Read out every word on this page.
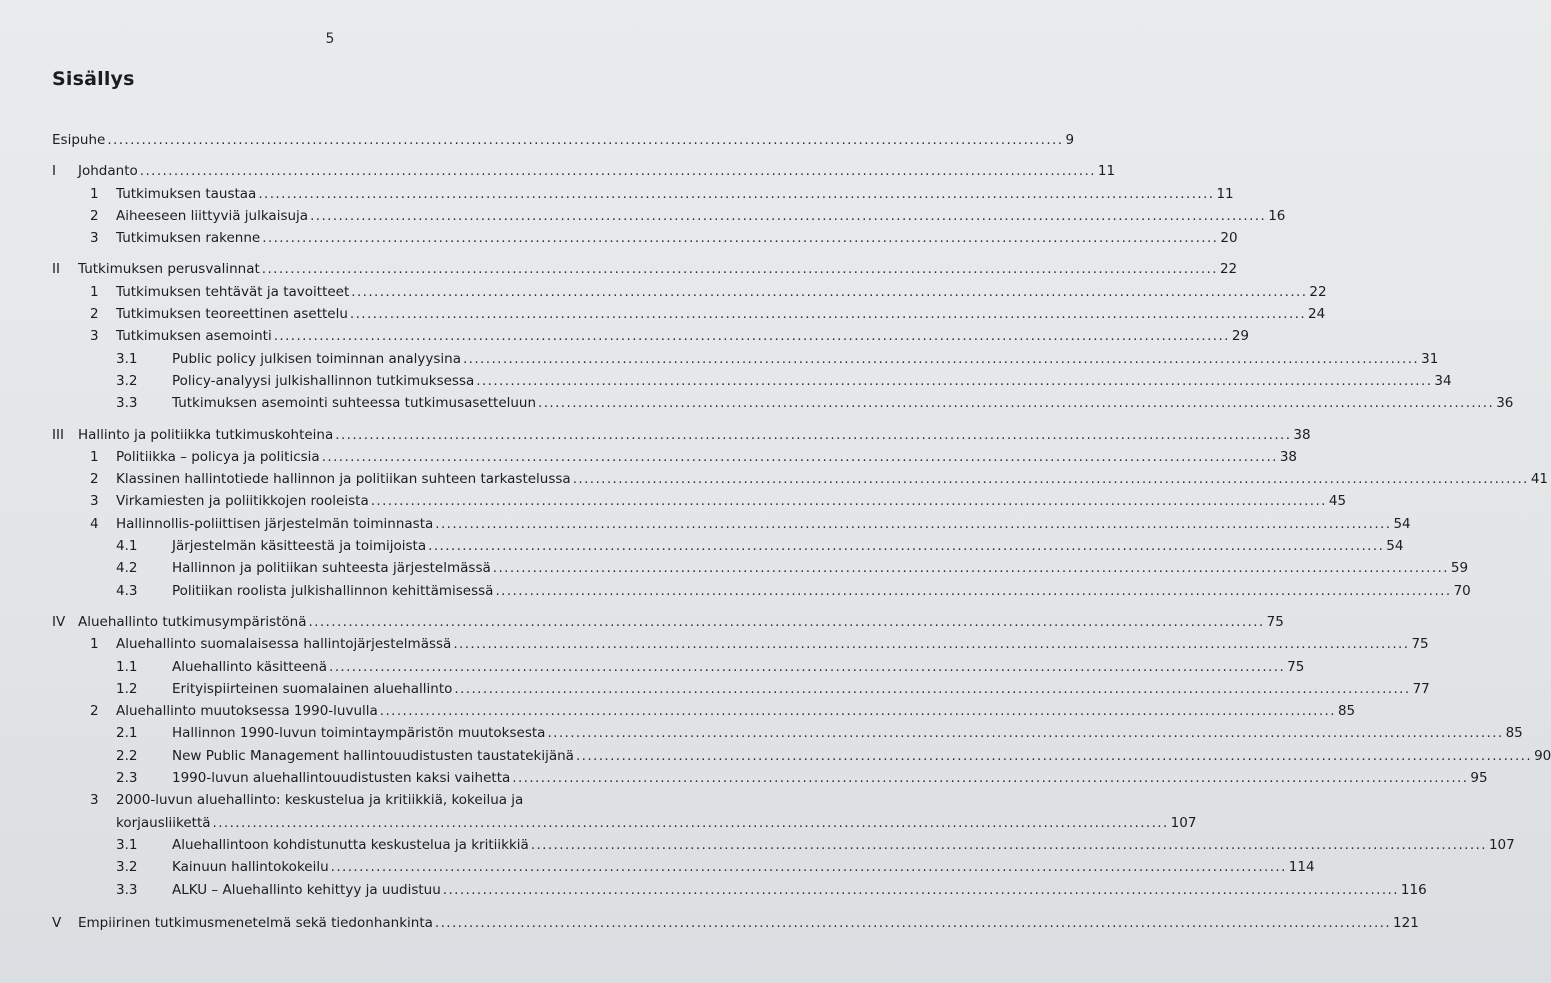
5
Sisällys
Esipuhe .....	9
I	Johdanto .....	11
1	Tutkimuksen taustaa .....	11
2	Aiheeseen liittyviä julkaisuja .....	16
3	Tutkimuksen rakenne .....	20
II	Tutkimuksen perusvalinnat .....	22
1	Tutkimuksen tehtävät ja tavoitteet .....	22
2	Tutkimuksen teoreettinen asettelu .....	24
3	Tutkimuksen asemointi .....	29
3.1	Public policy julkisen toiminnan analyysina .....	31
3.2	Policy-analyysi julkishallinnon tutkimuksessa .....	34
3.3	Tutkimuksen asemointi suhteessa tutkimusasetteluun .....	36
III	Hallinto ja politiikka tutkimuskohteina .....	38
1	Politiikka – policya ja politicsia .....	38
2	Klassinen hallintotiede hallinnon ja politiikan suhteen tarkastelussa .....	41
3	Virkamiesten ja poliitikkojen rooleista .....	45
4	Hallinnollis-poliittisen järjestelmän toiminnasta .....	54
4.1	Järjestelmän käsitteestä ja toimijoista .....	54
4.2	Hallinnon ja politiikan suhteesta järjestelmässä .....	59
4.3	Politiikan roolista julkishallinnon kehittämisessä .....	70
IV Aluehallinto tutkimusympäristönä .....	75
1	Aluehallinto suomalaisessa hallintojärjestelmässä .....	75
1.1	Aluehallinto käsitteenä .....	75
1.2	Erityispiirteinen suomalainen aluehallinto .....	77
2	Aluehallinto muutoksessa 1990-luvulla .....	85
2.1	Hallinnon 1990-luvun toimintaympäristön muutoksesta .....	85
2.2	New Public Management hallintouudistusten taustatekijänä .....	90
2.3	1990-luvun aluehallintouudistusten kaksi vaihetta .....	95
3 2000-luvun aluehallinto: keskustelua ja kritiikkiä, kokeilua ja
korjausliikettä .....	107
3.1	Aluehallintoon kohdistunutta keskustelua ja kritiikkiä .....	107
3.2	Kainuun hallintokokeilu .....	114
3.3	ALKU – Aluehallinto kehittyy ja uudistuu .....	116
V	Empiirinen tutkimusmenetelmä sekä tiedonhankinta .....	121
